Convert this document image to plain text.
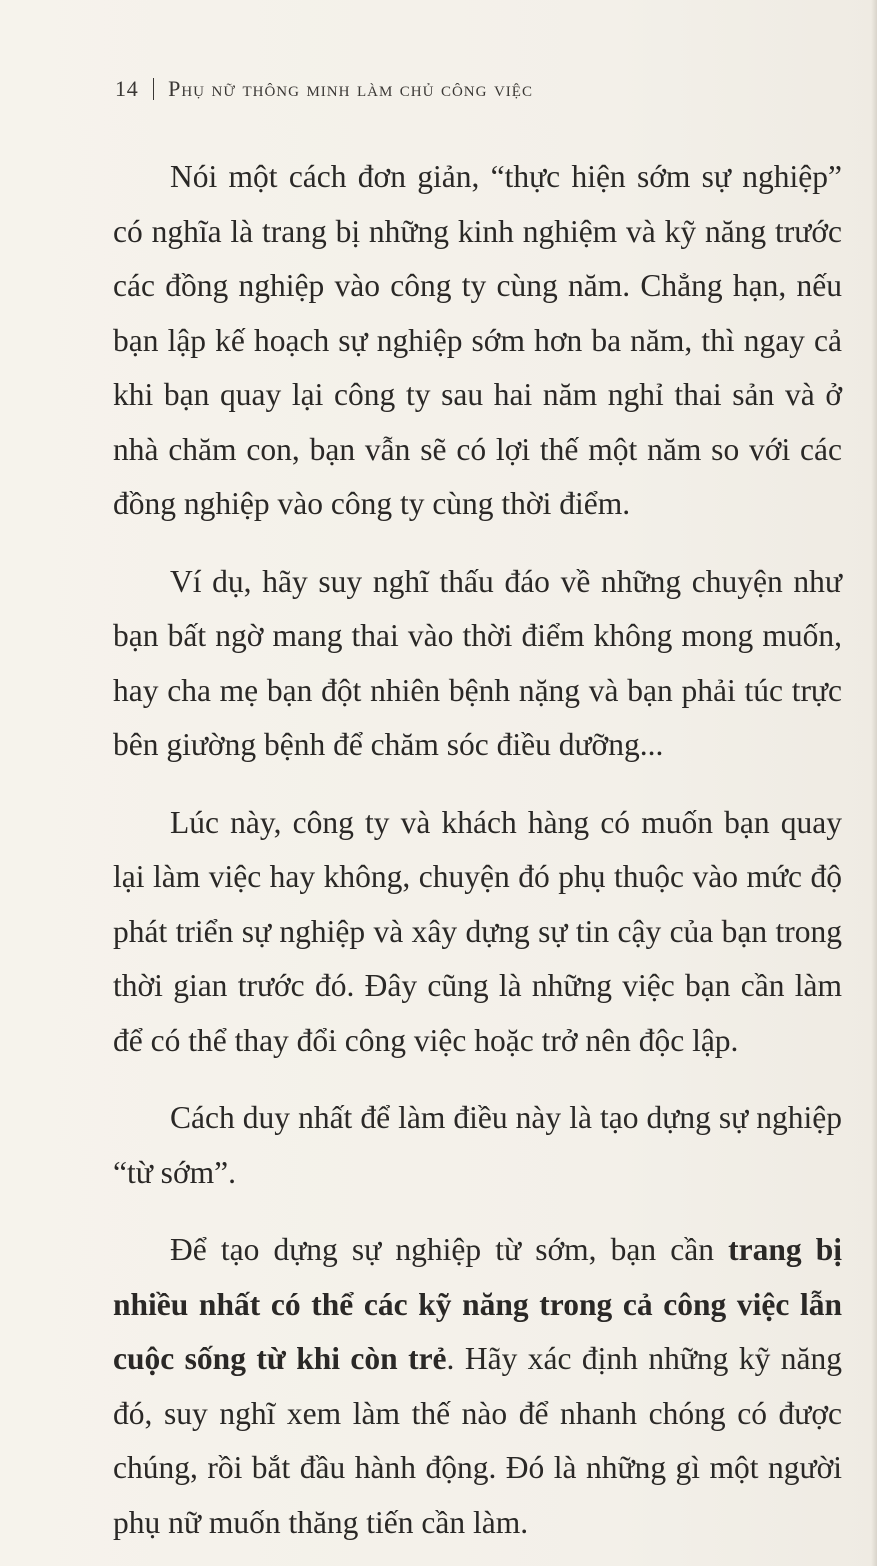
14 Phụ nữ thông minh làm chủ công việc

Nói một cách đơn giản, “thực hiện sớm sự nghiệp” có nghĩa là trang bị những kinh nghiệm và kỹ năng trước các đồng nghiệp vào công ty cùng năm. Chẳng hạn, nếu bạn lập kế hoạch sự nghiệp sớm hơn ba năm, thì ngay cả khi bạn quay lại công ty sau hai năm nghỉ thai sản và ở nhà chăm con, bạn vẫn sẽ có lợi thế một năm so với các đồng nghiệp vào công ty cùng thời điểm.

Ví dụ, hãy suy nghĩ thấu đáo về những chuyện như bạn bất ngờ mang thai vào thời điểm không mong muốn, hay cha mẹ bạn đột nhiên bệnh nặng và bạn phải túc trực bên giường bệnh để chăm sóc điều dưỡng...

Lúc này, công ty và khách hàng có muốn bạn quay lại làm việc hay không, chuyện đó phụ thuộc vào mức độ phát triển sự nghiệp và xây dựng sự tin cậy của bạn trong thời gian trước đó. Đây cũng là những việc bạn cần làm để có thể thay đổi công việc hoặc trở nên độc lập.

Cách duy nhất để làm điều này là tạo dựng sự nghiệp “từ sớm”.

Để tạo dựng sự nghiệp từ sớm, bạn cần trang bị nhiều nhất có thể các kỹ năng trong cả công việc lẫn cuộc sống từ khi còn trẻ. Hãy xác định những kỹ năng đó, suy nghĩ xem làm thế nào để nhanh chóng có được chúng, rồi bắt đầu hành động. Đó là những gì một người phụ nữ muốn thăng tiến cần làm.
